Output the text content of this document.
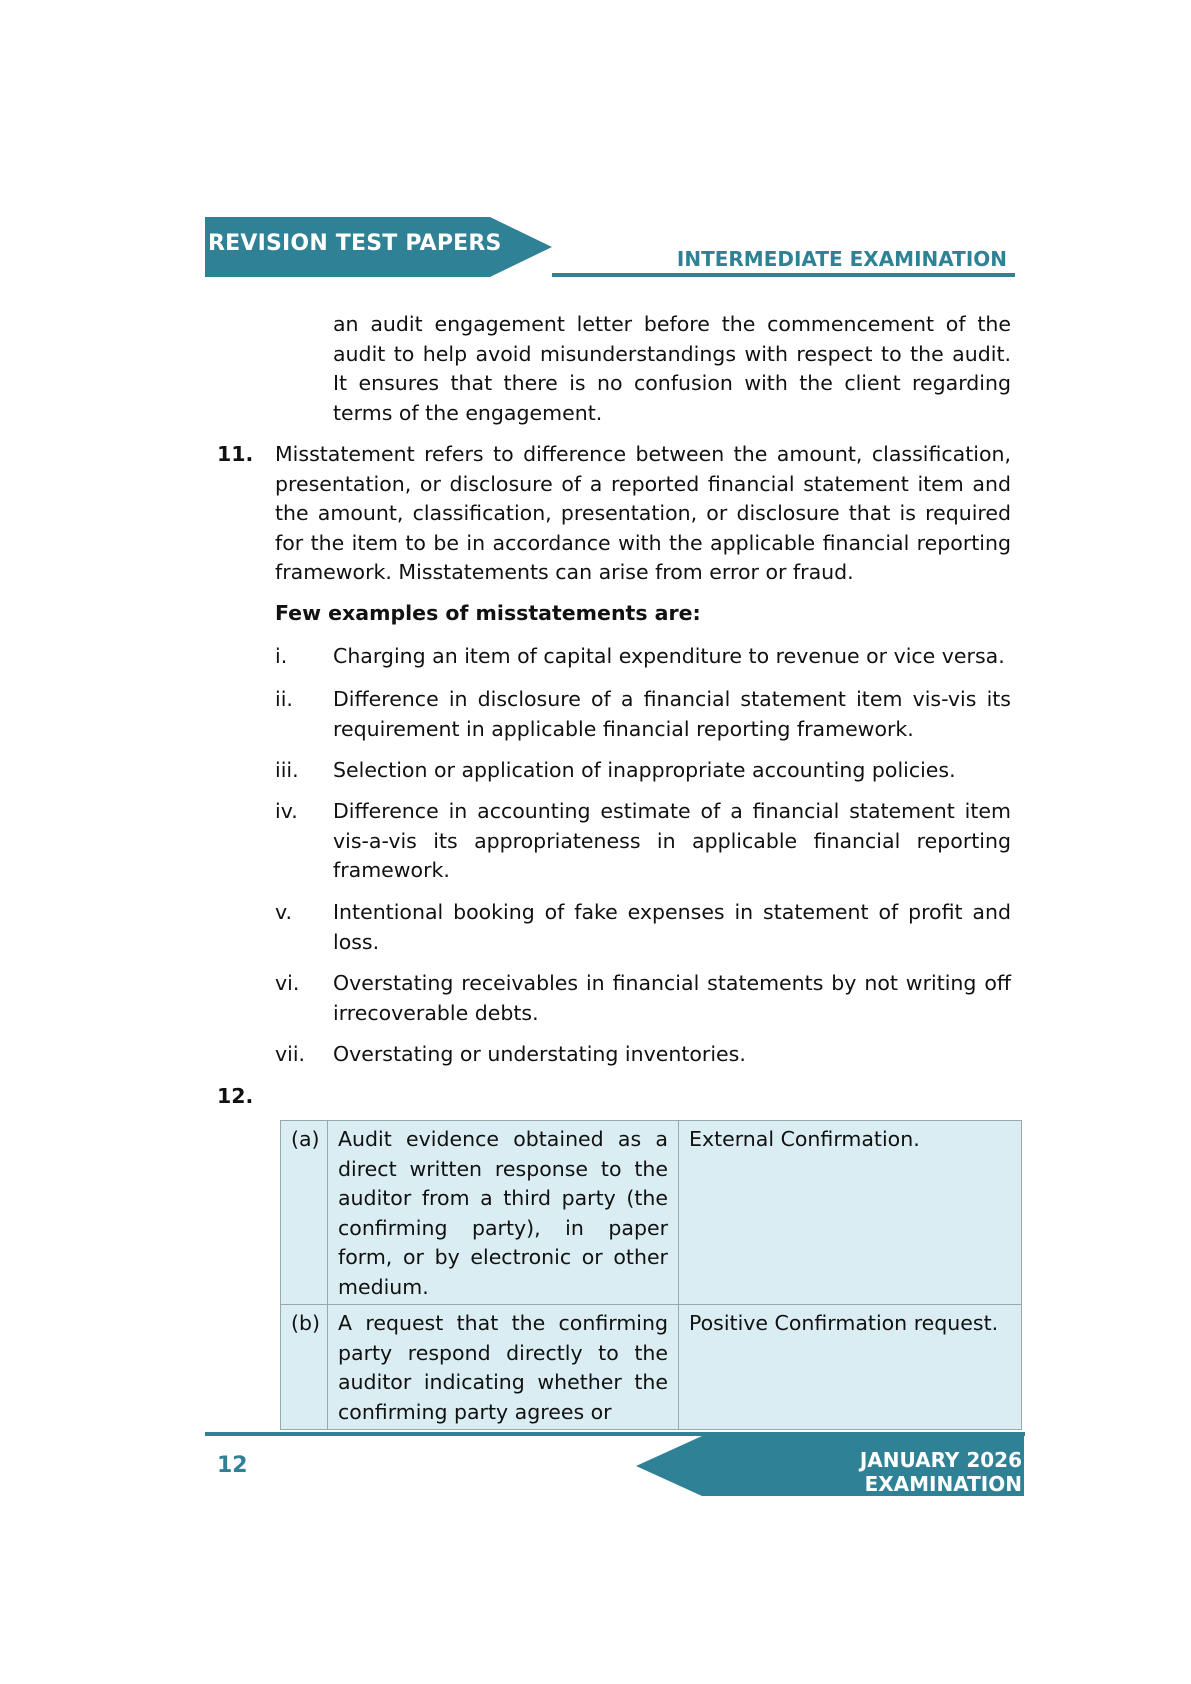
REVISION TEST PAPERS
INTERMEDIATE EXAMINATION
an audit engagement letter before the commencement of the audit to help avoid misunderstandings with respect to the audit. It ensures that there is no confusion with the client regarding terms of the engagement.
11. Misstatement refers to difference between the amount, classification, presentation, or disclosure of a reported financial statement item and the amount, classification, presentation, or disclosure that is required for the item to be in accordance with the applicable financial reporting framework. Misstatements can arise from error or fraud.
Few examples of misstatements are:
i. Charging an item of capital expenditure to revenue or vice versa.
ii. Difference in disclosure of a financial statement item vis-vis its requirement in applicable financial reporting framework.
iii. Selection or application of inappropriate accounting policies.
iv. Difference in accounting estimate of a financial statement item vis-a-vis its appropriateness in applicable financial reporting framework.
v. Intentional booking of fake expenses in statement of profit and loss.
vi. Overstating receivables in financial statements by not writing off irrecoverable debts.
vii. Overstating or understating inventories.
12.
(a)	Audit evidence obtained as a direct written response to the auditor from a third party (the confirming party), in paper form, or by electronic or other medium.	External Confirmation.
(b)	A request that the confirming party respond directly to the auditor indicating whether the confirming party agrees or	Positive Confirmation request.
12	JANUARY 2026 EXAMINATION
